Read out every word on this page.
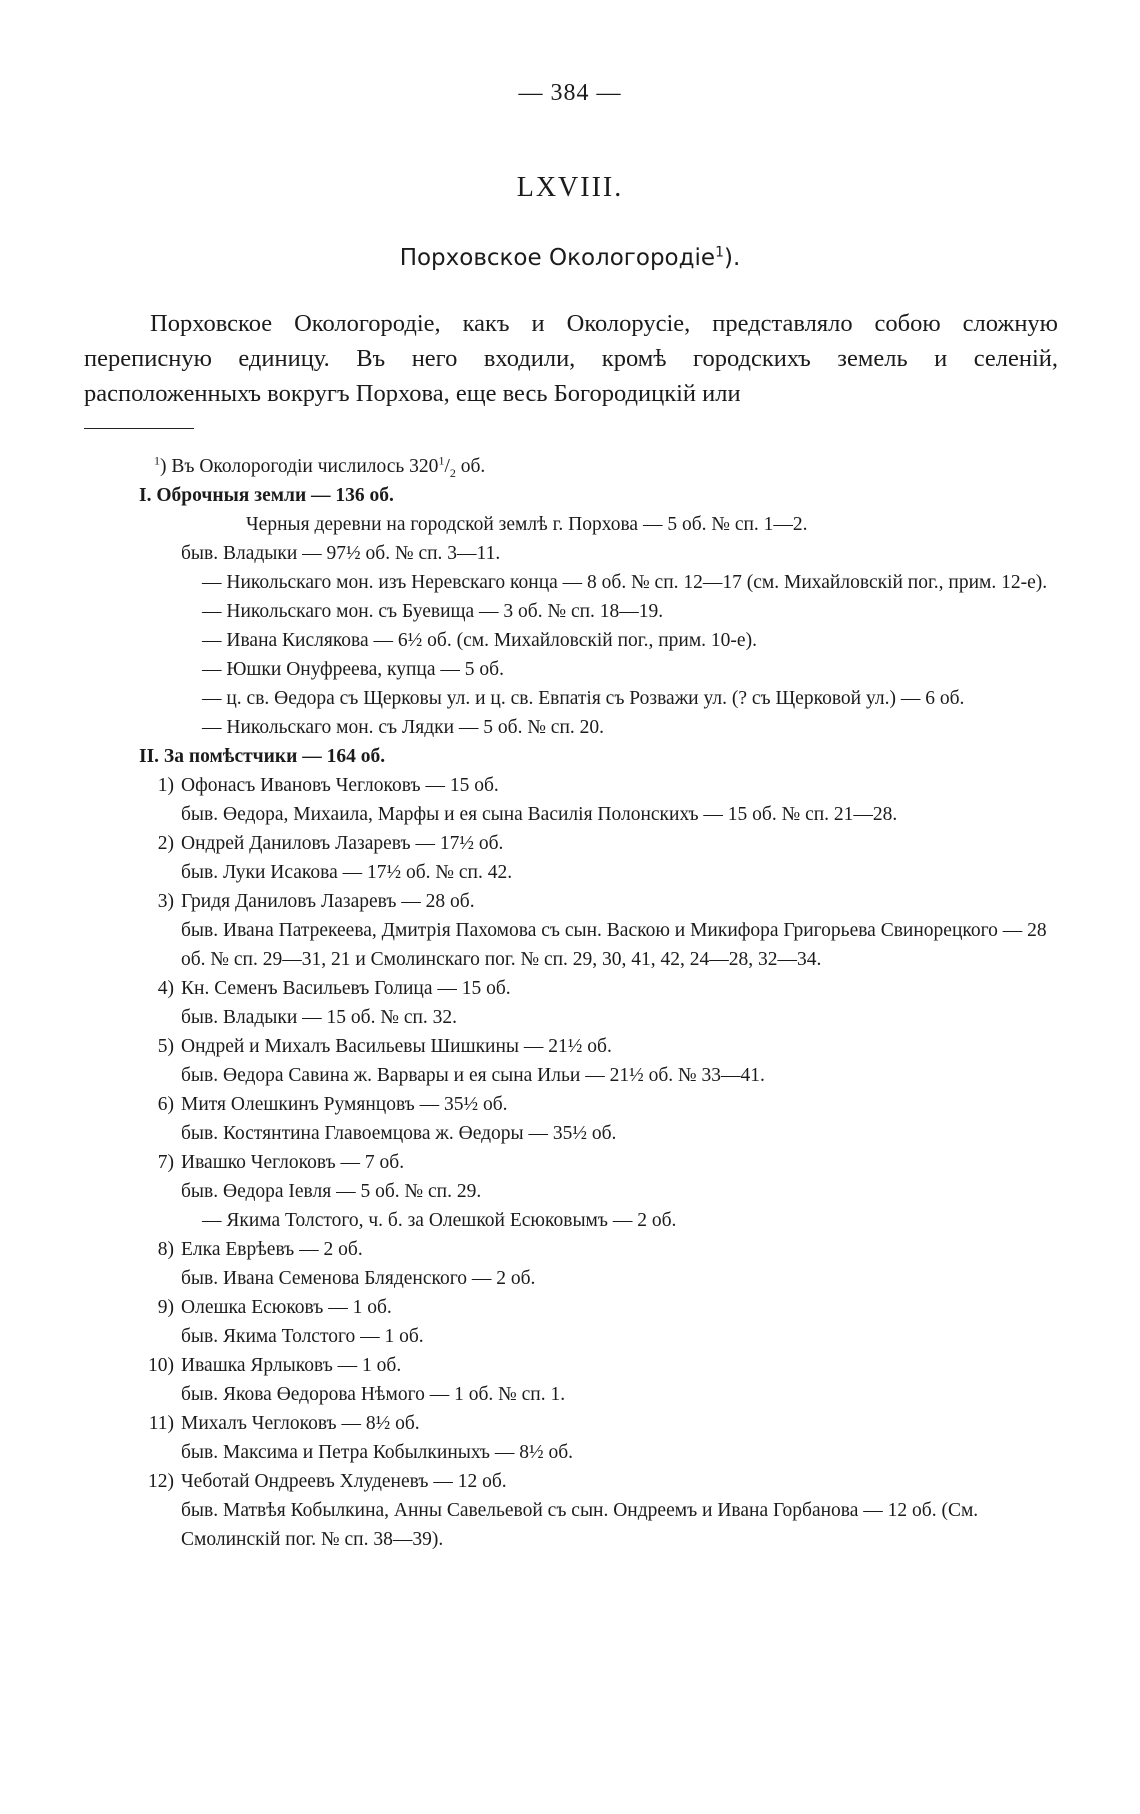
— 384 —
LXVIII.
Порховское Окологородіе$^1$).

Порховское Окологородіе, какъ и Околорусіе, представляло собою сложную переписную единицу. Въ него входили, кромѣ городскихъ земель и селеній, расположенныхъ вокругъ Порхова, еще весь Богородицкій или

$^1$) Въ Околорогодіи числилось $320^1/_2$ об.
I. Оброчныя земли — 136 об.
Черныя деревни на городской землѣ г. Порхова — 5 об. № сп. 1—2.
быв. Владыки — 97½ об. № сп. 3—11.
— Никольскаго мон. изъ Неревскаго конца — 8 об. № сп. 12—17 (см. Михайловскій пог., прим. 12-е).
— Никольскаго мон. съ Буевища — 3 об. № сп. 18—19.
— Ивана Кислякова — 6½ об. (см. Михайловскій пог., прим. 10-е).
— Юшки Онуфреева, купца — 5 об.
— ц. св. Өедора съ Щерковы ул. и ц. св. Евпатія съ Розважи ул. (? съ Щерковой ул.) — 6 об.
— Никольскаго мон. съ Лядки — 5 об. № сп. 20.
II. За помѣстчики — 164 об.
1) Офонасъ Ивановъ Чеглоковъ — 15 об.
быв. Өедора, Михаила, Марфы и ея сына Василія Полонскихъ — 15 об. № сп. 21—28.
2) Ондрей Даниловъ Лазаревъ — 17½ об.
быв. Луки Исакова — 17½ об. № сп. 42.
3) Гридя Даниловъ Лазаревъ — 28 об.
быв. Ивана Патрекеева, Дмитрія Пахомова съ сын. Васкою и Микифора Григорьева Свинорецкого — 28 об. № сп. 29—31, 21 и Смолинскаго пог. № сп. 29, 30, 41, 42, 24—28, 32—34.
4) Кн. Семенъ Васильевъ Голица — 15 об.
быв. Владыки — 15 об. № сп. 32.
5) Ондрей и Михалъ Васильевы Шишкины — 21½ об.
быв. Өедора Савина ж. Варвары и ея сына Ильи — 21½ об. № 33—41.
6) Митя Олешкинъ Румянцовъ — 35½ об.
быв. Костянтина Главоемцова ж. Өедоры — 35½ об.
7) Ивашко Чеглоковъ — 7 об.
быв. Өедора Іевля — 5 об. № сп. 29.
— Якима Толстого, ч. б. за Олешкой Есюковымъ — 2 об.
8) Елка Еврѣевъ — 2 об.
быв. Ивана Семенова Бляденского — 2 об.
9) Олешка Есюковъ — 1 об.
быв. Якима Толстого — 1 об.
10) Ивашка Ярлыковъ — 1 об.
быв. Якова Өедорова Нѣмого — 1 об. № сп. 1.
11) Михалъ Чеглоковъ — 8½ об.
быв. Максима и Петра Кобылкиныхъ — 8½ об.
12) Чеботай Ондреевъ Хлуденевъ — 12 об.
быв. Матвѣя Кобылкина, Анны Савельевой съ сын. Ондреемъ и Ивана Горбанова — 12 об. (См. Смолинскій пог. № сп. 38—39).
